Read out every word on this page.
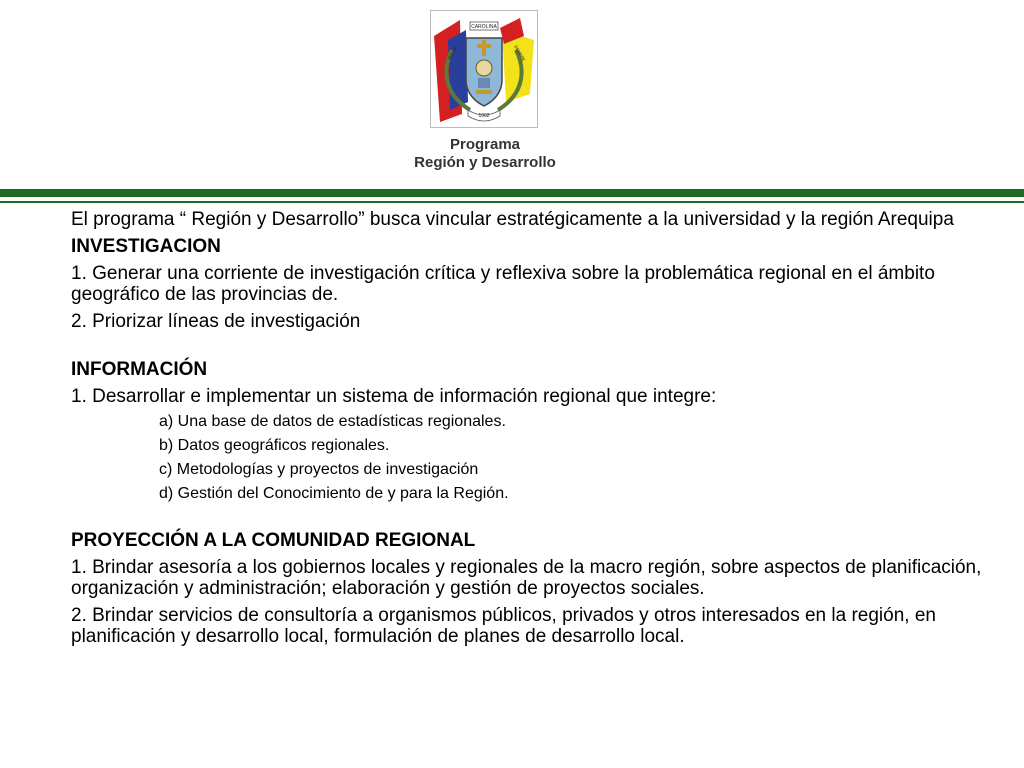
CAROLINA
ARRIBA	SIEMPRE
1962
Programa
Región y Desarrollo

El programa “ Región y Desarrollo” busca vincular estratégicamente a la universidad y la región Arequipa

INVESTIGACION

1. Generar una corriente de investigación crítica y reflexiva sobre la problemática regional en el ámbito geográfico de las provincias de.

2. Priorizar líneas de investigación

INFORMACIÓN

1. Desarrollar e implementar un sistema de información regional que integre:

a) Una base de datos de estadísticas regionales.

b) Datos geográficos regionales.

c) Metodologías y proyectos de investigación

d) Gestión del Conocimiento de y para la Región.

PROYECCIÓN A LA COMUNIDAD REGIONAL

1. Brindar asesoría a los gobiernos locales y regionales de la macro región, sobre aspectos de planificación, organización y administración; elaboración y gestión de proyectos sociales.

2. Brindar servicios de consultoría a organismos públicos, privados y otros interesados en la región, en planificación y desarrollo local, formulación de planes de desarrollo local.
